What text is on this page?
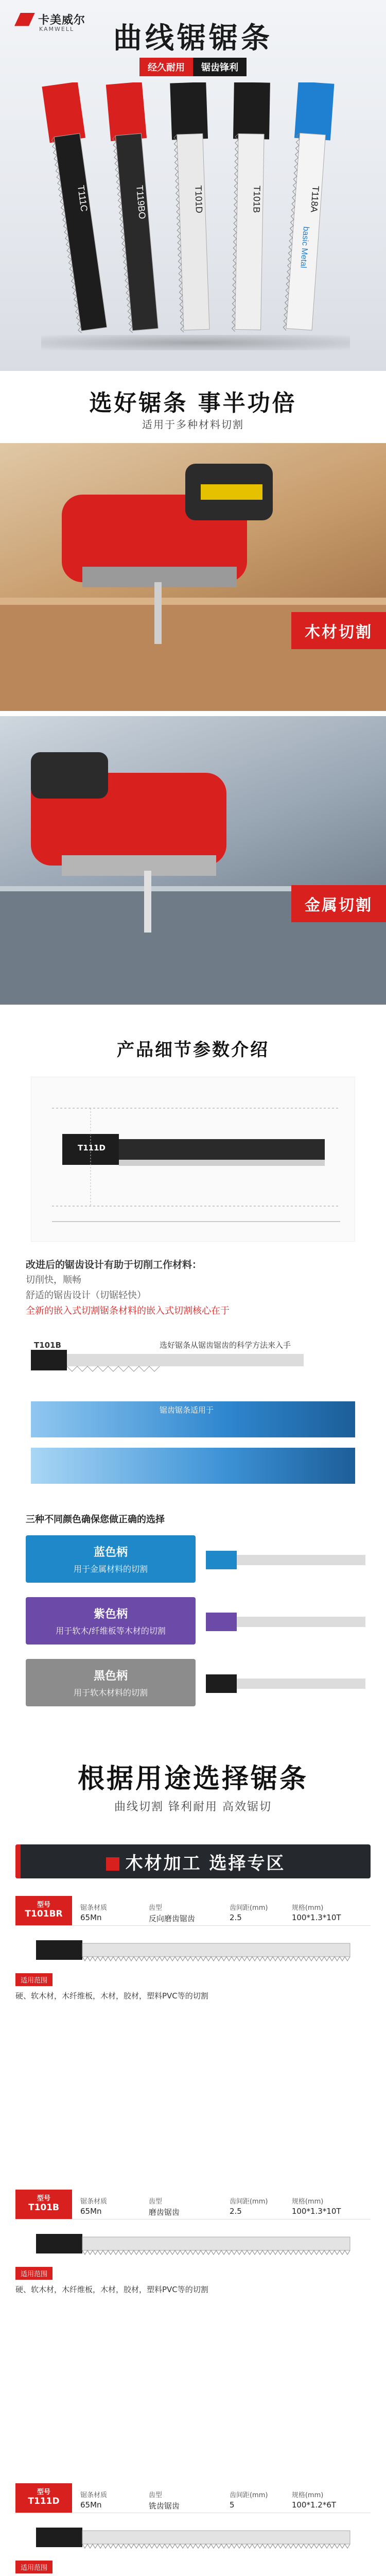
卡美威尔
KAMWELL	曲线锯锯条
经久耐用	锯齿锋利
T111C	T119BO	T101D	T101B	T118A
basic Metal
选好锯条 事半功倍

适用于多种材料切割

木材切割
金属切割
产品细节参数介绍
T111D
改进后的锯齿设计有助于切削工作材料：
切削快，顺畅
舒适的锯齿设计（切锯轻快）
全新的嵌入式切割锯条材料的嵌入式切割核心在于
T101B	选好锯条从锯齿锯齿的科学方法来入手
锯齿锯条适用于
三种不同颜色确保您做正确的选择
蓝色柄
用于金属材料的切割
紫色柄
用于软木/纤维板等木材的切割
黑色柄
用于软木材料的切割
根据用途选择锯条

曲线切割 锋利耐用 高效锯切

木材加工 选择专区
型号
T101BR
锯条材质
65Mn
齿型
反向磨齿锯齿
齿间距(mm)
2.5
规格(mm)
100*1.3*10T
适用范围
硬、软木材，木纤维板，木材，胶材，塑料PVC等的切割
型号
T101B
锯条材质
65Mn
齿型
磨齿锯齿
齿间距(mm)
2.5
规格(mm)
100*1.3*10T
适用范围
硬、软木材，木纤维板，木材，胶材，塑料PVC等的切割
型号
T111D
锯条材质
65Mn
齿型
铣齿锯齿
齿间距(mm)
5
规格(mm)
100*1.2*6T
适用范围
